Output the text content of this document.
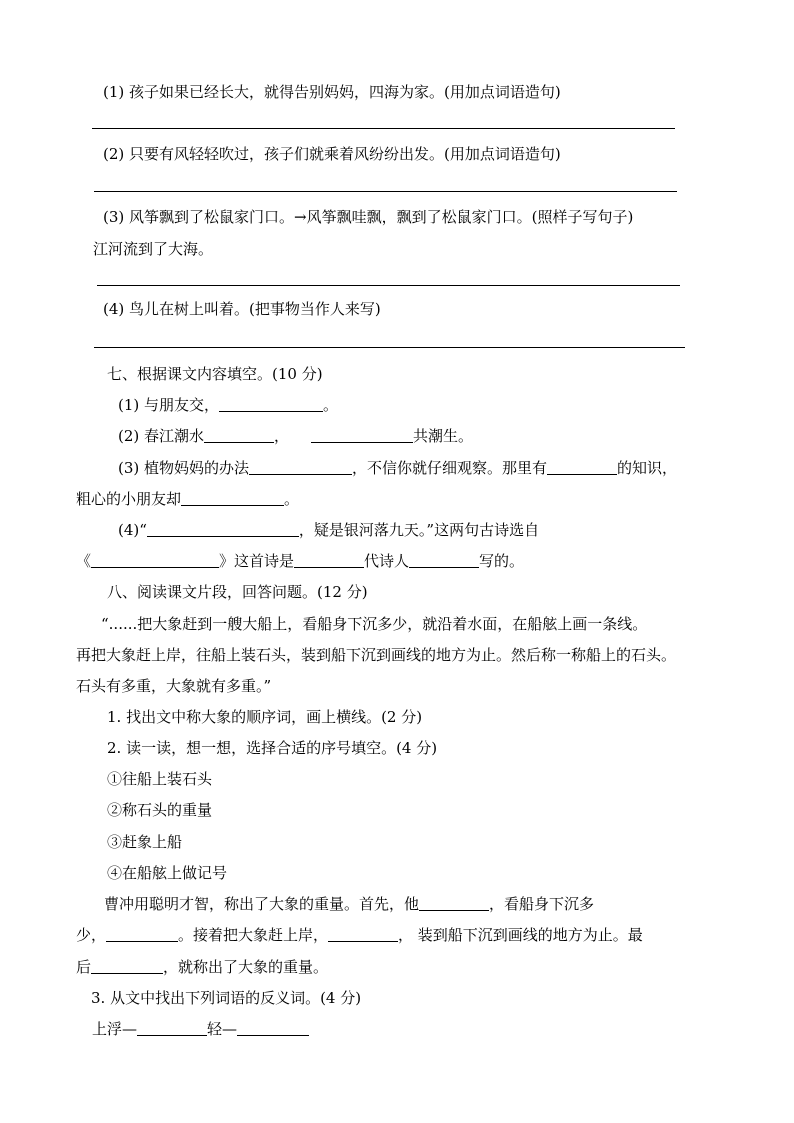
(1) 孩子如果已经长大，就得告别妈妈，四海为家。(用加点词语造句)
(2) 只要有风轻轻吹过，孩子们就乘着风纷纷出发。(用加点词语造句)
(3) 风筝飘到了松鼠家门口。→风筝飘哇飘，飘到了松鼠家门口。(照样子写句子)
江河流到了大海。
(4) 鸟儿在树上叫着。(把事物当作人来写)
七、根据课文内容填空。(10 分)
(1) 与朋友交，	。
(2) 春江潮水	，	共潮生。
(3) 植物妈妈的办法	，不信你就仔细观察。那里有	的知识，
粗心的小朋友却	。
(4)“	，疑是银河落九天。”这两句古诗选自
《	》这首诗是	代诗人	写的。
八、阅读课文片段，回答问题。(12 分)
“......把大象赶到一艘大船上，看船身下沉多少，就沿着水面，在船舷上画一条线。
再把大象赶上岸，往船上装石头，装到船下沉到画线的地方为止。然后称一称船上的石头。
石头有多重，大象就有多重。”
1. 找出文中称大象的顺序词，画上横线。(2 分)
2. 读一读，想一想，选择合适的序号填空。(4 分)
①往船上装石头
②称石头的重量
③赶象上船
④在船舷上做记号
曹冲用聪明才智，称出了大象的重量。首先，他	，看船身下沉多
少，	。接着把大象赶上岸，	， 装到船下沉到画线的地方为止。最
后	，就称出了大象的重量。
3. 从文中找出下列词语的反义词。(4 分)
上浮—	轻—
